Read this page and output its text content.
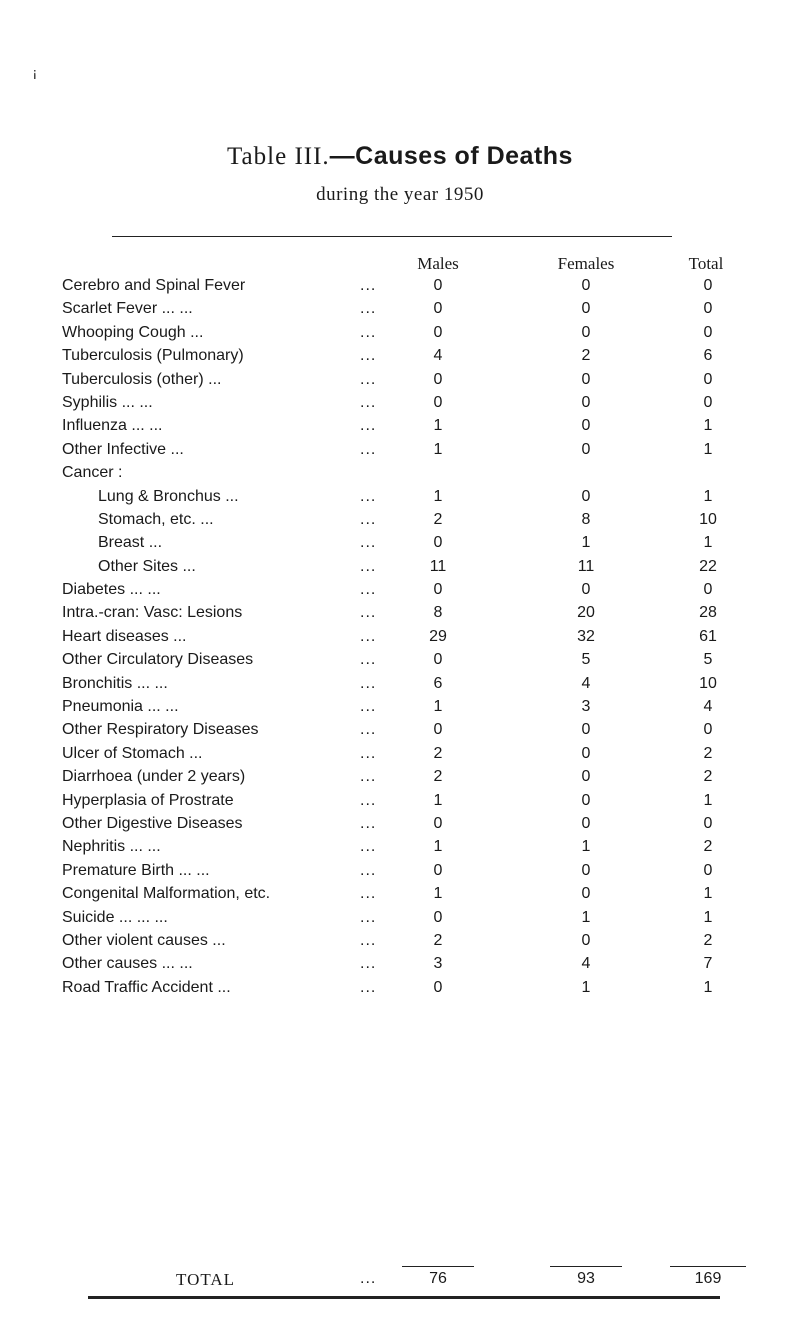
ꜟ
Table III.—Causes of Deaths
during the year 1950
Males	Females	Total
Cerebro and Spinal Fever	...	0	0	0
Scarlet Fever ... ...	...	0	0	0
Whooping Cough ...	...	0	0	0
Tuberculosis (Pulmonary)	...	4	2	6
Tuberculosis (other) ...	...	0	0	0
Syphilis ... ...	...	0	0	0
Influenza ... ...	...	1	0	1
Other Infective ...	...	1	0	1
Cancer :
Lung & Bronchus ...	...	1	0	1
Stomach, etc. ...	...	2	8	10
Breast ...	...	0	1	1
Other Sites ...	...	11	11	22
Diabetes ... ...	...	0	0	0
Intra.-cran: Vasc: Lesions	...	8	20	28
Heart diseases ...	...	29	32	61
Other Circulatory Diseases	...	0	5	5
Bronchitis ... ...	...	6	4	10
Pneumonia ... ...	...	1	3	4
Other Respiratory Diseases	...	0	0	0
Ulcer of Stomach ...	...	2	0	2
Diarrhoea (under 2 years)	...	2	0	2
Hyperplasia of Prostrate	...	1	0	1
Other Digestive Diseases	...	0	0	0
Nephritis ... ...	...	1	1	2
Premature Birth ... ...	...	0	0	0
Congenital Malformation, etc.	...	1	0	1
Suicide ... ... ...	...	0	1	1
Other violent causes ...	...	2	0	2
Other causes ... ...	...	3	4	7
Road Traffic Accident ...	...	0	1	1
TOTAL	...	76	93	169
